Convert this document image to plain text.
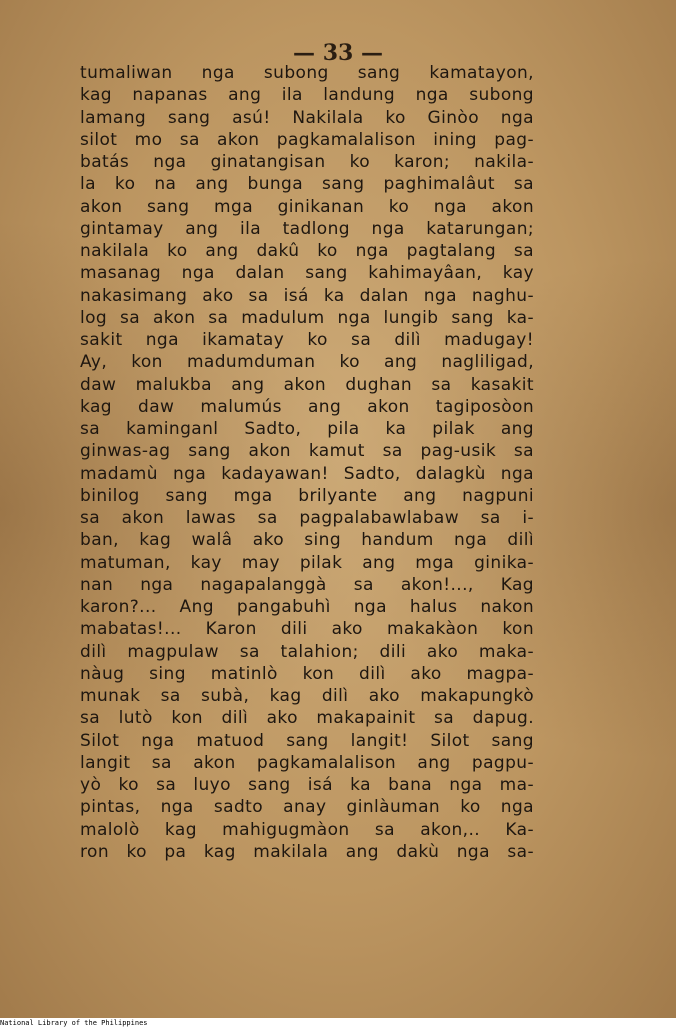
— 33 —
tumaliwan nga subong sang kamatayon,
kag napanas ang ila landung nga subong
lamang sang asú! Nakilala ko Ginòo nga
silot mo sa akon pagkamalalison ining pag-
batás nga ginatangisan ko karon; nakila-
la ko na ang bunga sang paghimalâut sa
akon sang mga ginikanan ko nga akon
gintamay ang ila tadlong nga katarungan;
nakilala ko ang dakû ko nga pagtalang sa
masanag nga dalan sang kahimayâan, kay
nakasimang ako sa isá ka dalan nga naghu-
log sa akon sa madulum nga lungib sang ka-
sakit nga ikamatay ko sa dilì madugay!
Ay, kon madumduman ko ang nagliligad,
daw malukba ang akon dughan sa kasakit
kag daw malumús ang akon tagiposòon
sa kaminganl Sadto, pila ka pilak ang
ginwas-ag sang akon kamut sa pag-usik sa
madamù nga kadayawan! Sadto, dalagkù nga
binilog sang mga brilyante ang nagpuni
sa akon lawas sa pagpalabawlabaw sa i-
ban, kag walâ ako sing handum nga dilì
matuman, kay may pilak ang mga ginika-
nan nga nagapalanggà sa akon!..., Kag
karon?... Ang pangabuhì nga halus nakon
mabatas!... Karon dili ako makakàon kon
dilì magpulaw sa talahion; dili ako maka-
nàug sing matinlò kon dilì ako magpa-
munak sa subà, kag dilì ako makapungkò
sa lutò kon dilì ako makapainit sa dapug.
Silot nga matuod sang langit! Silot sang
langit sa akon pagkamalalison ang pagpu-
yò ko sa luyo sang isá ka bana nga ma-
pintas, nga sadto anay ginlàuman ko nga
malolò kag mahigugmàon sa akon,.. Ka-
ron ko pa kag makilala ang dakù nga sa-
National Library of the Philippines
